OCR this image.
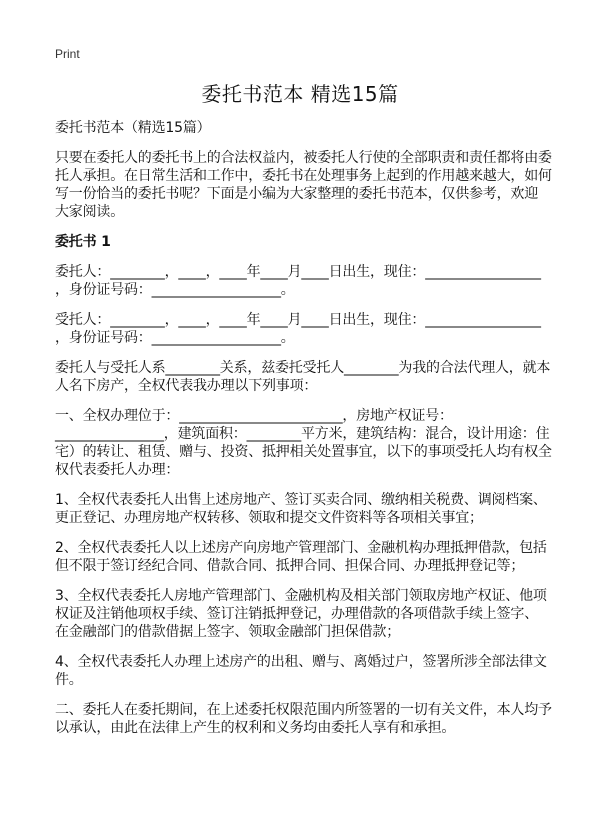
Print
委托书范本 精选15篇
委托书范本（精选15篇）
只要在委托人的委托书上的合法权益内，被委托人行使的全部职责和责任都将由委
托人承担。在日常生活和工作中，委托书在处理事务上起到的作用越来越大，如何
写一份恰当的委托书呢？下面是小编为大家整理的委托书范本，仅供参考，欢迎
大家阅读。
委托书 1
委托人：________，____，____年____月____日出生，现住：_________________
，身份证号码：___________________。
受托人：________，____，____年____月____日出生，现住：_________________
，身份证号码：___________________。
委托人与受托人系________关系，兹委托受托人________为我的合法代理人，就本
人名下房产，全权代表我办理以下列事项：
一、全权办理位于：________________________，房地产权证号：
________________，建筑面积：________平方米，建筑结构：混合，设计用途：住
宅）的转让、租赁、赠与、投资、抵押相关处置事宜，以下的事项受托人均有权全
权代表委托人办理：
1、全权代表委托人出售上述房地产、签订买卖合同、缴纳相关税费、调阅档案、
更正登记、办理房地产权转移、领取和提交文件资料等各项相关事宜；
2、全权代表委托人以上述房产向房地产管理部门、金融机构办理抵押借款，包括
但不限于签订经纪合同、借款合同、抵押合同、担保合同、办理抵押登记等；
3、全权代表委托人房地产管理部门、金融机构及相关部门领取房地产权证、他项
权证及注销他项权手续、签订注销抵押登记，办理借款的各项借款手续上签字、
在金融部门的借款借据上签字、领取金融部门担保借款；
4、全权代表委托人办理上述房产的出租、赠与、离婚过户，签署所涉全部法律文
件。
二、委托人在委托期间，在上述委托权限范围内所签署的一切有关文件，本人均予
以承认，由此在法律上产生的权利和义务均由委托人享有和承担。
